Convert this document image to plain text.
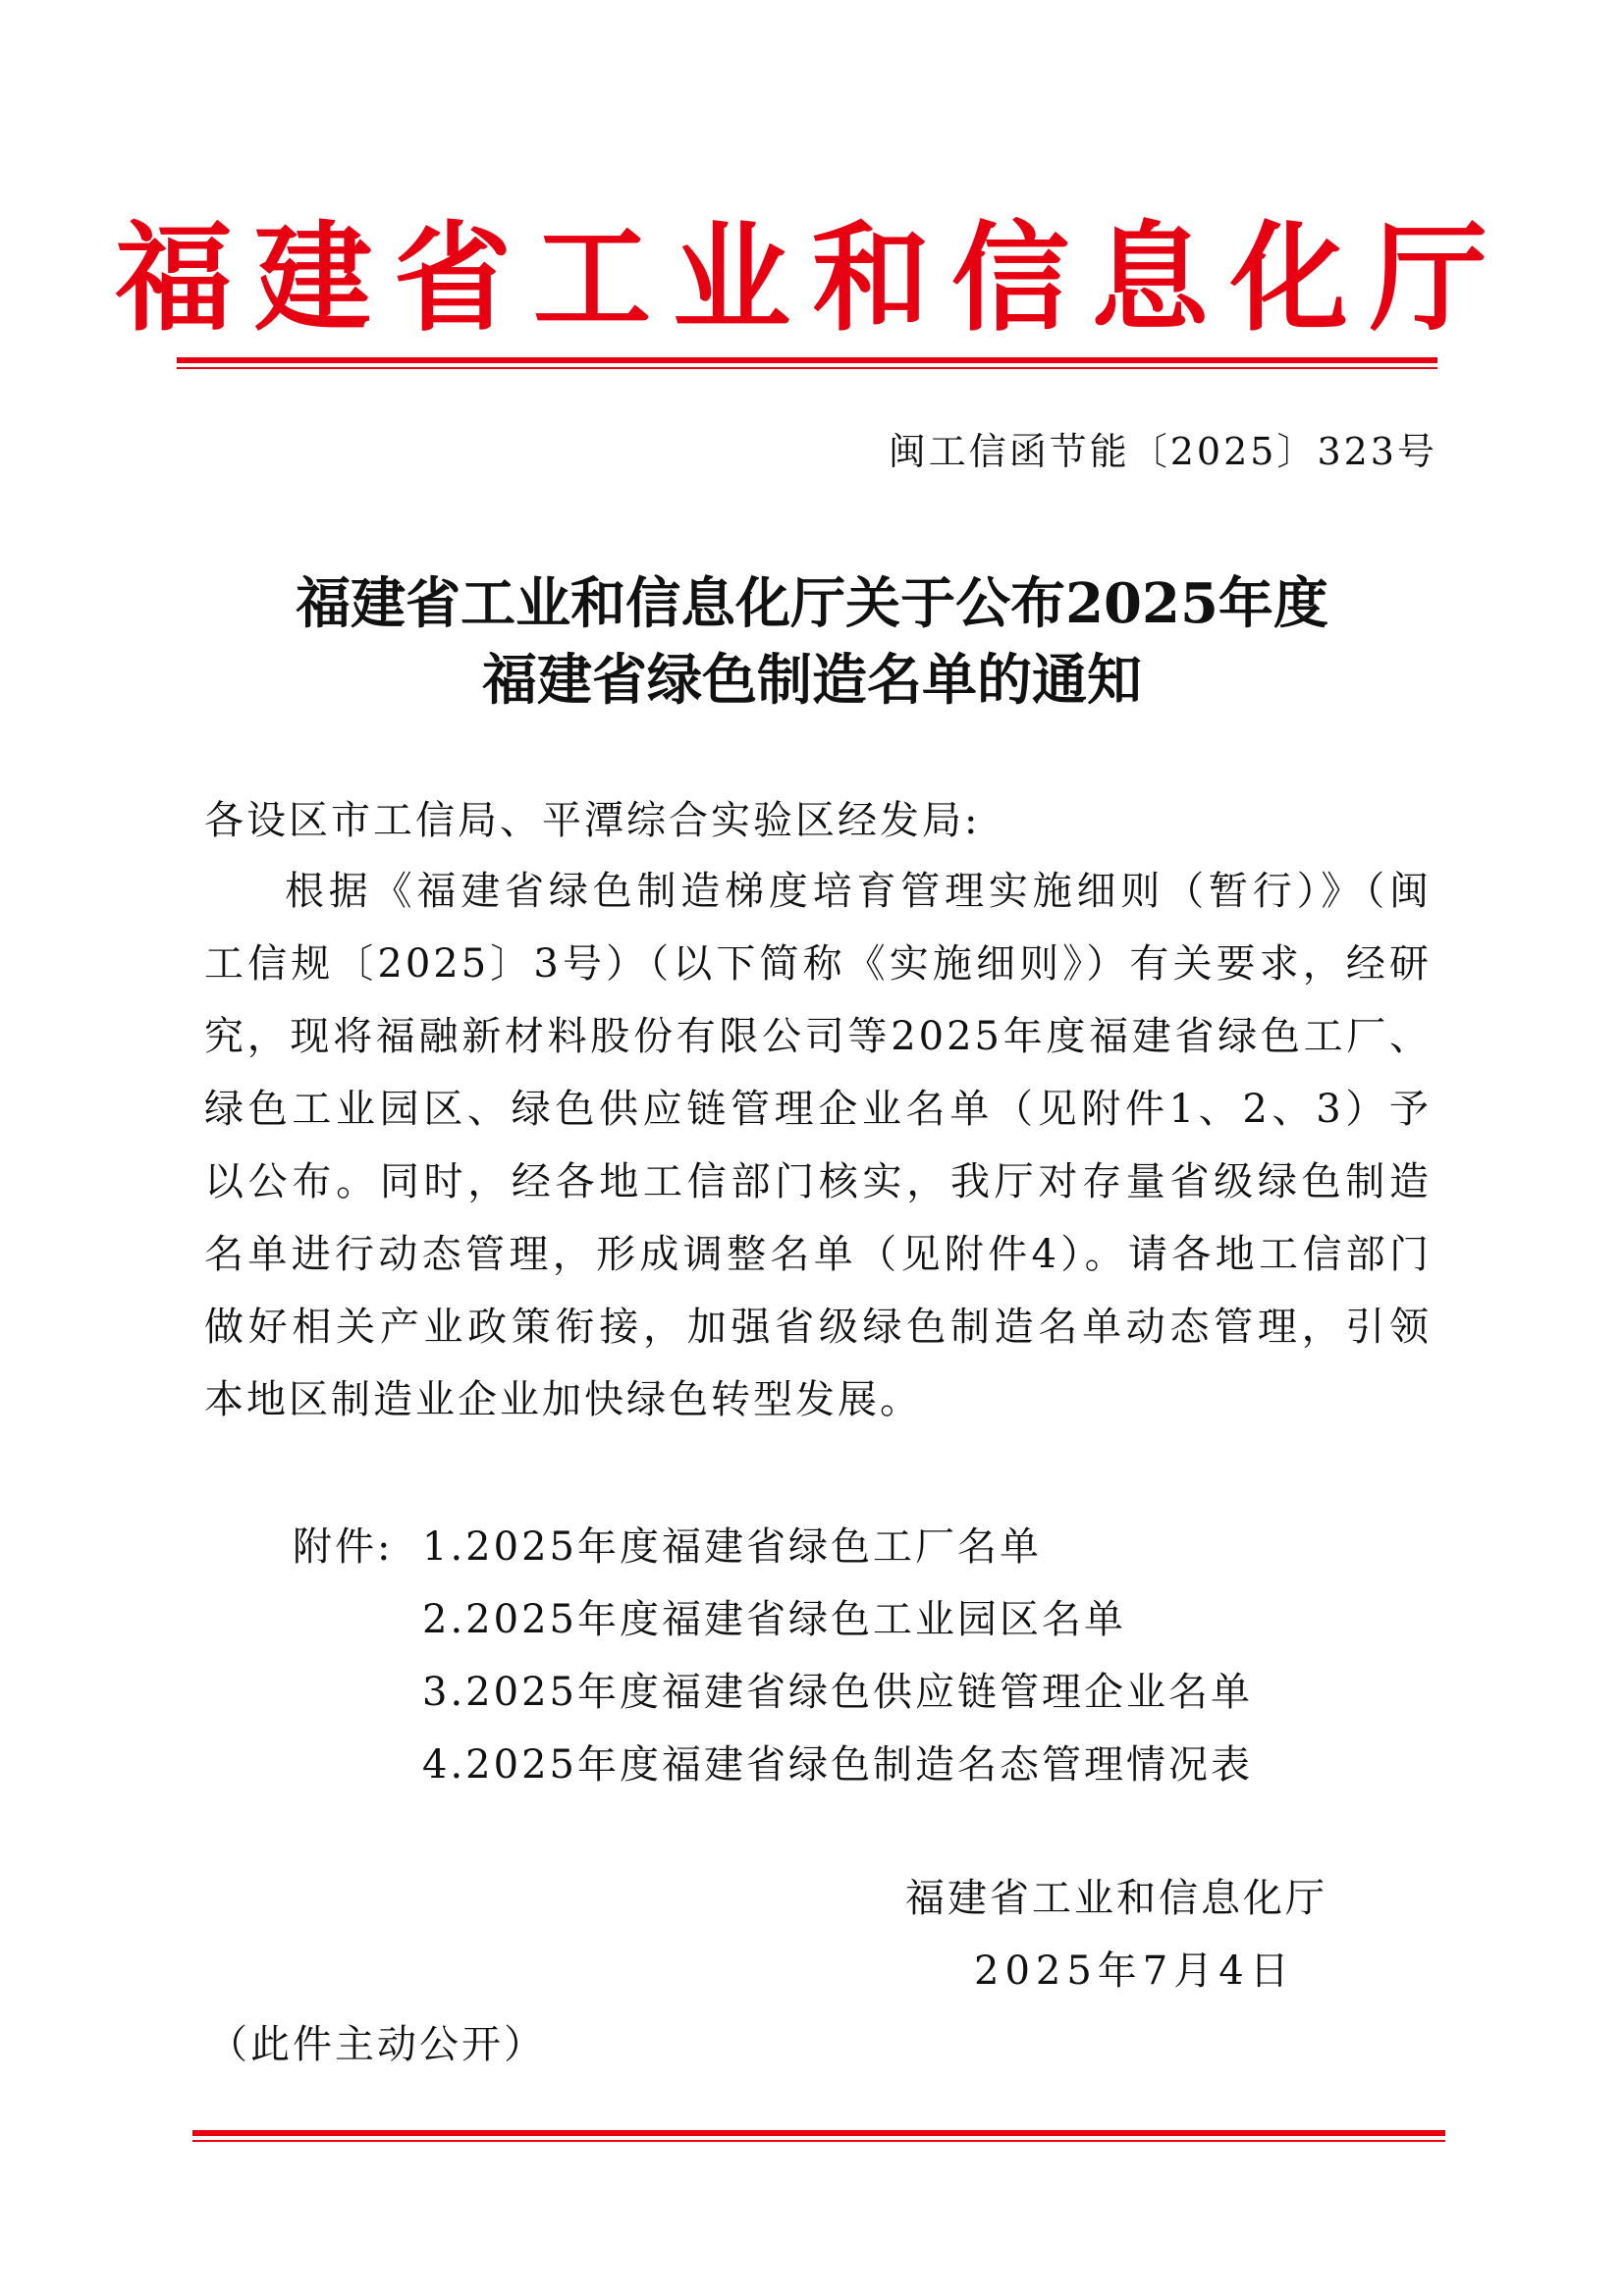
福建省工业和信息化厅
闽工信函节能〔2025〕323号
福建省工业和信息化厅关于公布2025年度
福建省绿色制造名单的通知
各设区市工信局、平潭综合实验区经发局:
根据《福建省绿色制造梯度培育管理实施细则（暂行）》（闽
工信规〔2025〕3号）（以下简称《实施细则》）有关要求，经研
究，现将福融新材料股份有限公司等2025年度福建省绿色工厂、
绿色工业园区、绿色供应链管理企业名单（见附件1、2、3）予
以公布。同时，经各地工信部门核实，我厅对存量省级绿色制造
名单进行动态管理，形成调整名单（见附件4）。请各地工信部门
做好相关产业政策衔接，加强省级绿色制造名单动态管理，引领
本地区制造业企业加快绿色转型发展。
附件: 1.2025年度福建省绿色工厂名单
2.2025年度福建省绿色工业园区名单
3.2025年度福建省绿色供应链管理企业名单
4.2025年度福建省绿色制造名态管理情况表
福建省工业和信息化厅
2025年7月4日
（此件主动公开）
